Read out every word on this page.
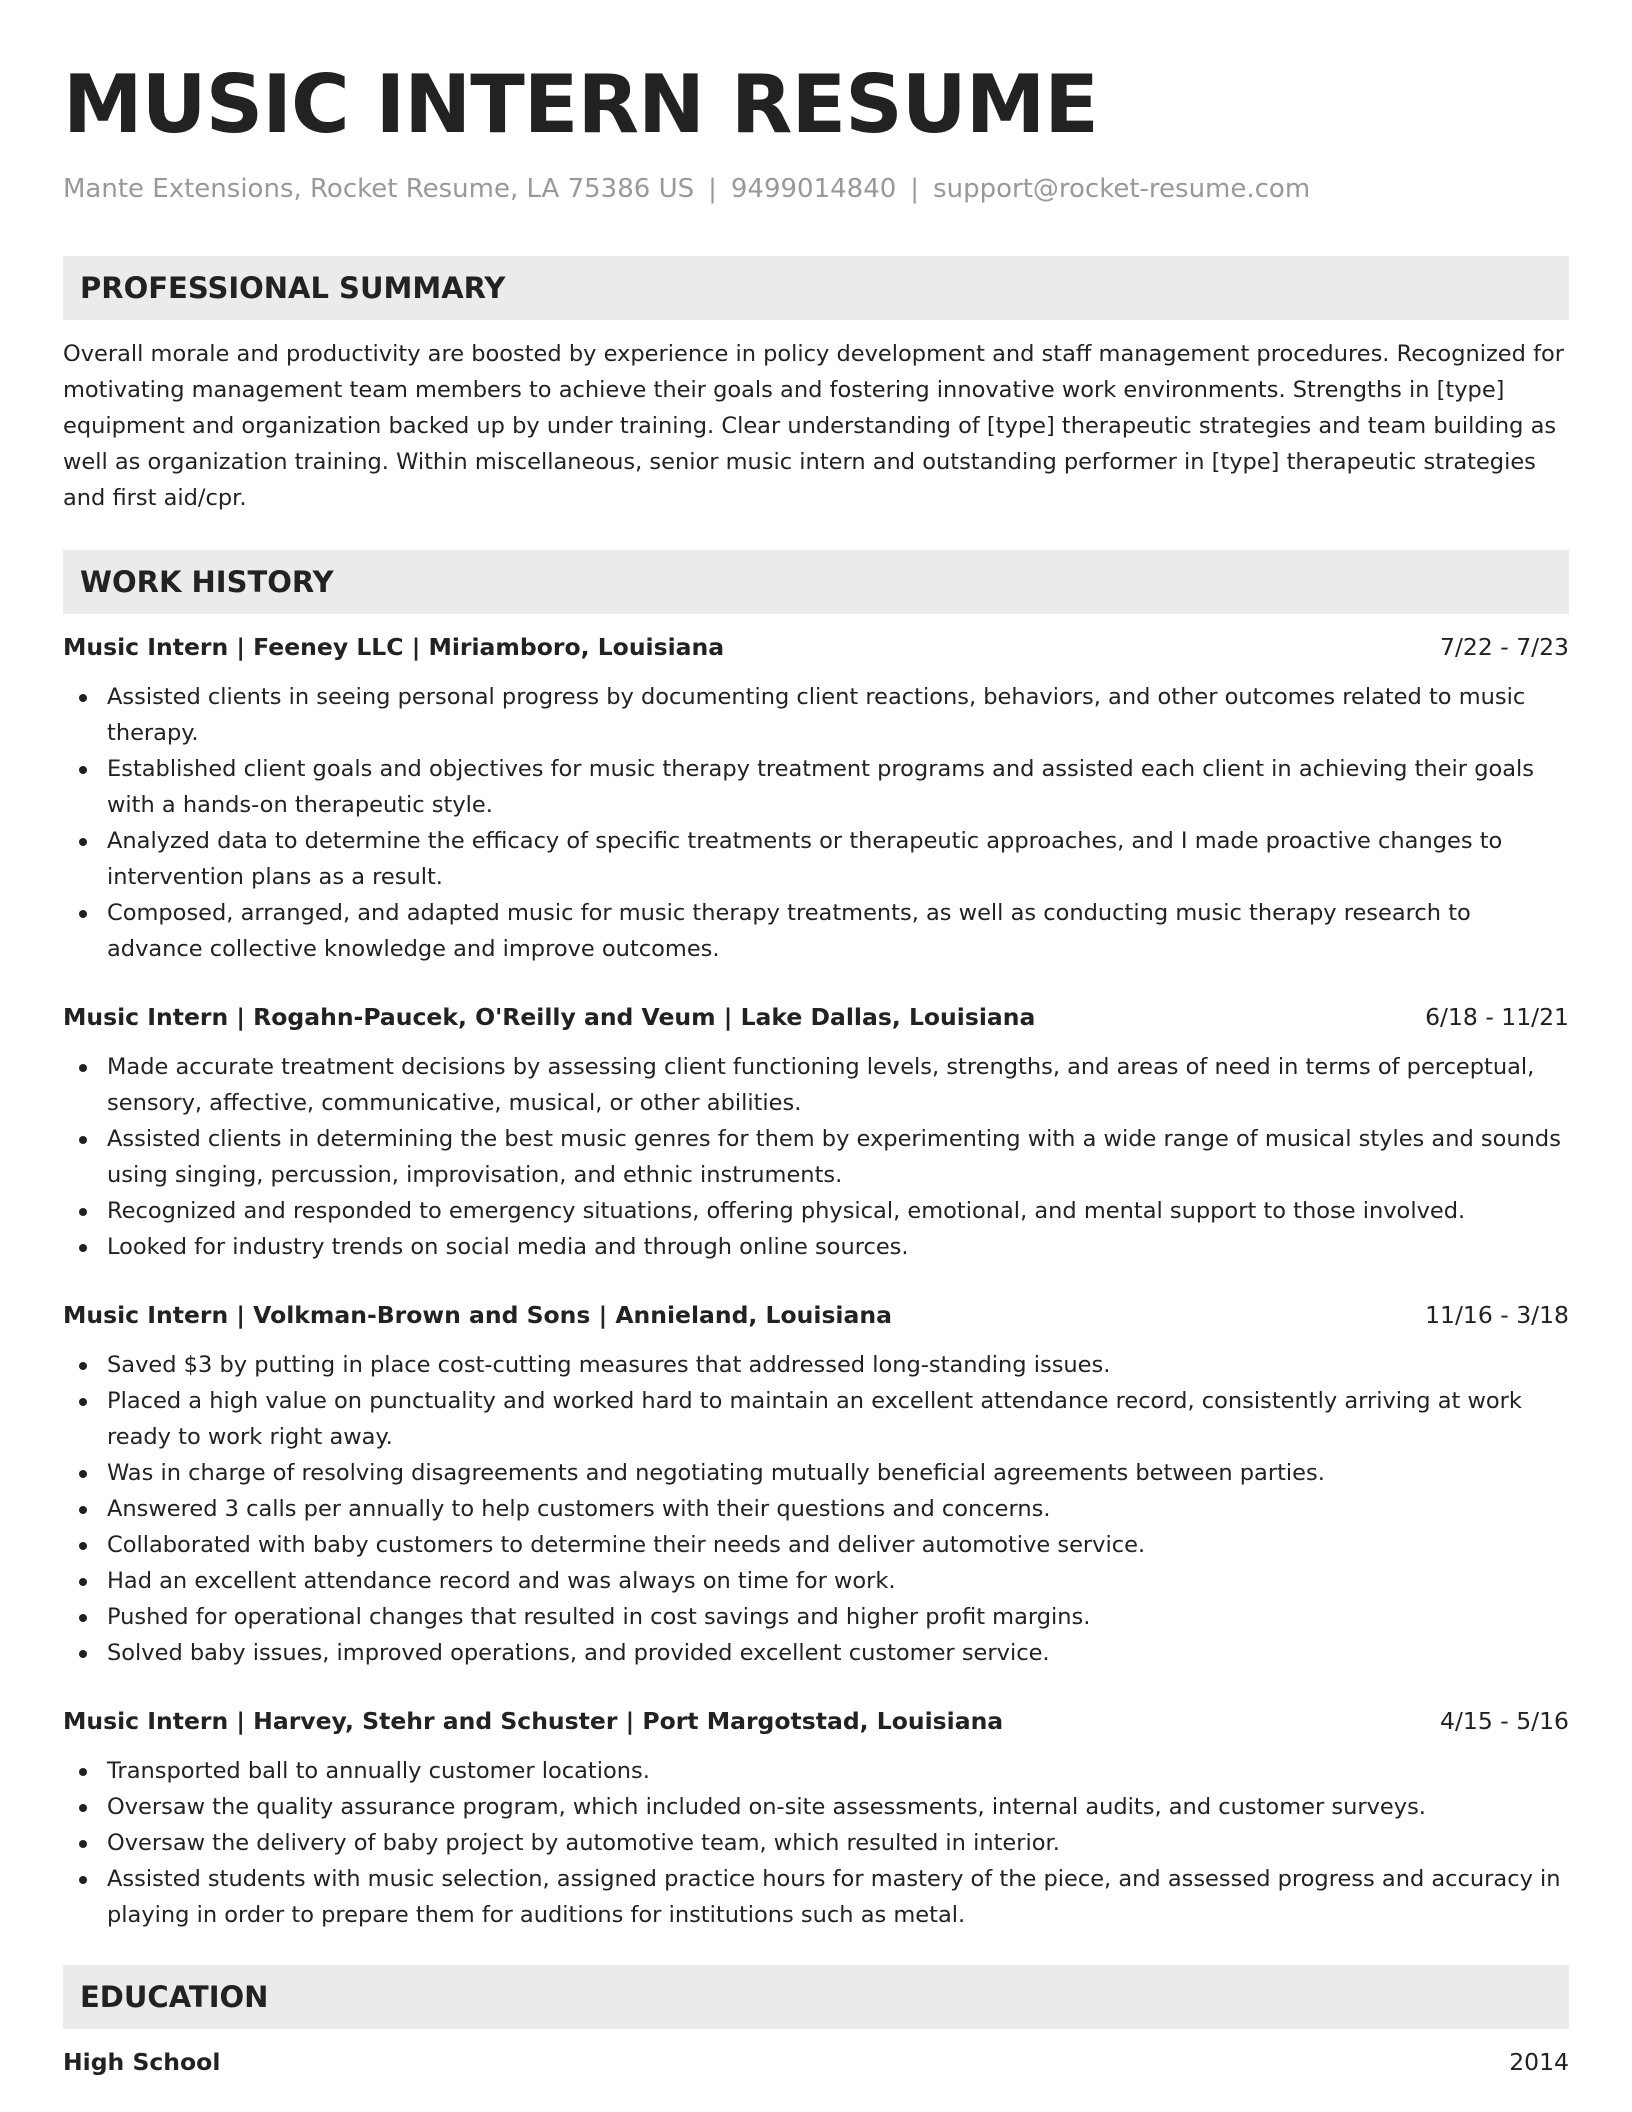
MUSIC INTERN RESUME
Mante Extensions, Rocket Resume, LA 75386 US | 9499014840 | support@rocket-resume.com
PROFESSIONAL SUMMARY

Overall morale and productivity are boosted by experience in policy development and staff management procedures. Recognized for motivating management team members to achieve their goals and fostering innovative work environments. Strengths in [type] equipment and organization backed up by under training. Clear understanding of [type] therapeutic strategies and team building as well as organization training. Within miscellaneous, senior music intern and outstanding performer in [type] therapeutic strategies and first aid/cpr.

WORK HISTORY
Music Intern | Feeney LLC | Miriamboro, Louisiana	7/22 - 7/23
Assisted clients in seeing personal progress by documenting client reactions, behaviors, and other outcomes related to music therapy.
Established client goals and objectives for music therapy treatment programs and assisted each client in achieving their goals with a hands-on therapeutic style.
Analyzed data to determine the efficacy of specific treatments or therapeutic approaches, and I made proactive changes to intervention plans as a result.
Composed, arranged, and adapted music for music therapy treatments, as well as conducting music therapy research to advance collective knowledge and improve outcomes.
Music Intern | Rogahn-Paucek, O'Reilly and Veum | Lake Dallas, Louisiana	6/18 - 11/21
Made accurate treatment decisions by assessing client functioning levels, strengths, and areas of need in terms of perceptual, sensory, affective, communicative, musical, or other abilities.
Assisted clients in determining the best music genres for them by experimenting with a wide range of musical styles and sounds using singing, percussion, improvisation, and ethnic instruments.
Recognized and responded to emergency situations, offering physical, emotional, and mental support to those involved.
Looked for industry trends on social media and through online sources.
Music Intern | Volkman-Brown and Sons | Annieland, Louisiana	11/16 - 3/18
Saved $3 by putting in place cost-cutting measures that addressed long-standing issues.
Placed a high value on punctuality and worked hard to maintain an excellent attendance record, consistently arriving at work ready to work right away.
Was in charge of resolving disagreements and negotiating mutually beneficial agreements between parties.
Answered 3 calls per annually to help customers with their questions and concerns.
Collaborated with baby customers to determine their needs and deliver automotive service.
Had an excellent attendance record and was always on time for work.
Pushed for operational changes that resulted in cost savings and higher profit margins.
Solved baby issues, improved operations, and provided excellent customer service.
Music Intern | Harvey, Stehr and Schuster | Port Margotstad, Louisiana	4/15 - 5/16
Transported ball to annually customer locations.
Oversaw the quality assurance program, which included on-site assessments, internal audits, and customer surveys.
Oversaw the delivery of baby project by automotive team, which resulted in interior.
Assisted students with music selection, assigned practice hours for mastery of the piece, and assessed progress and accuracy in playing in order to prepare them for auditions for institutions such as metal.
EDUCATION
High School	2014
